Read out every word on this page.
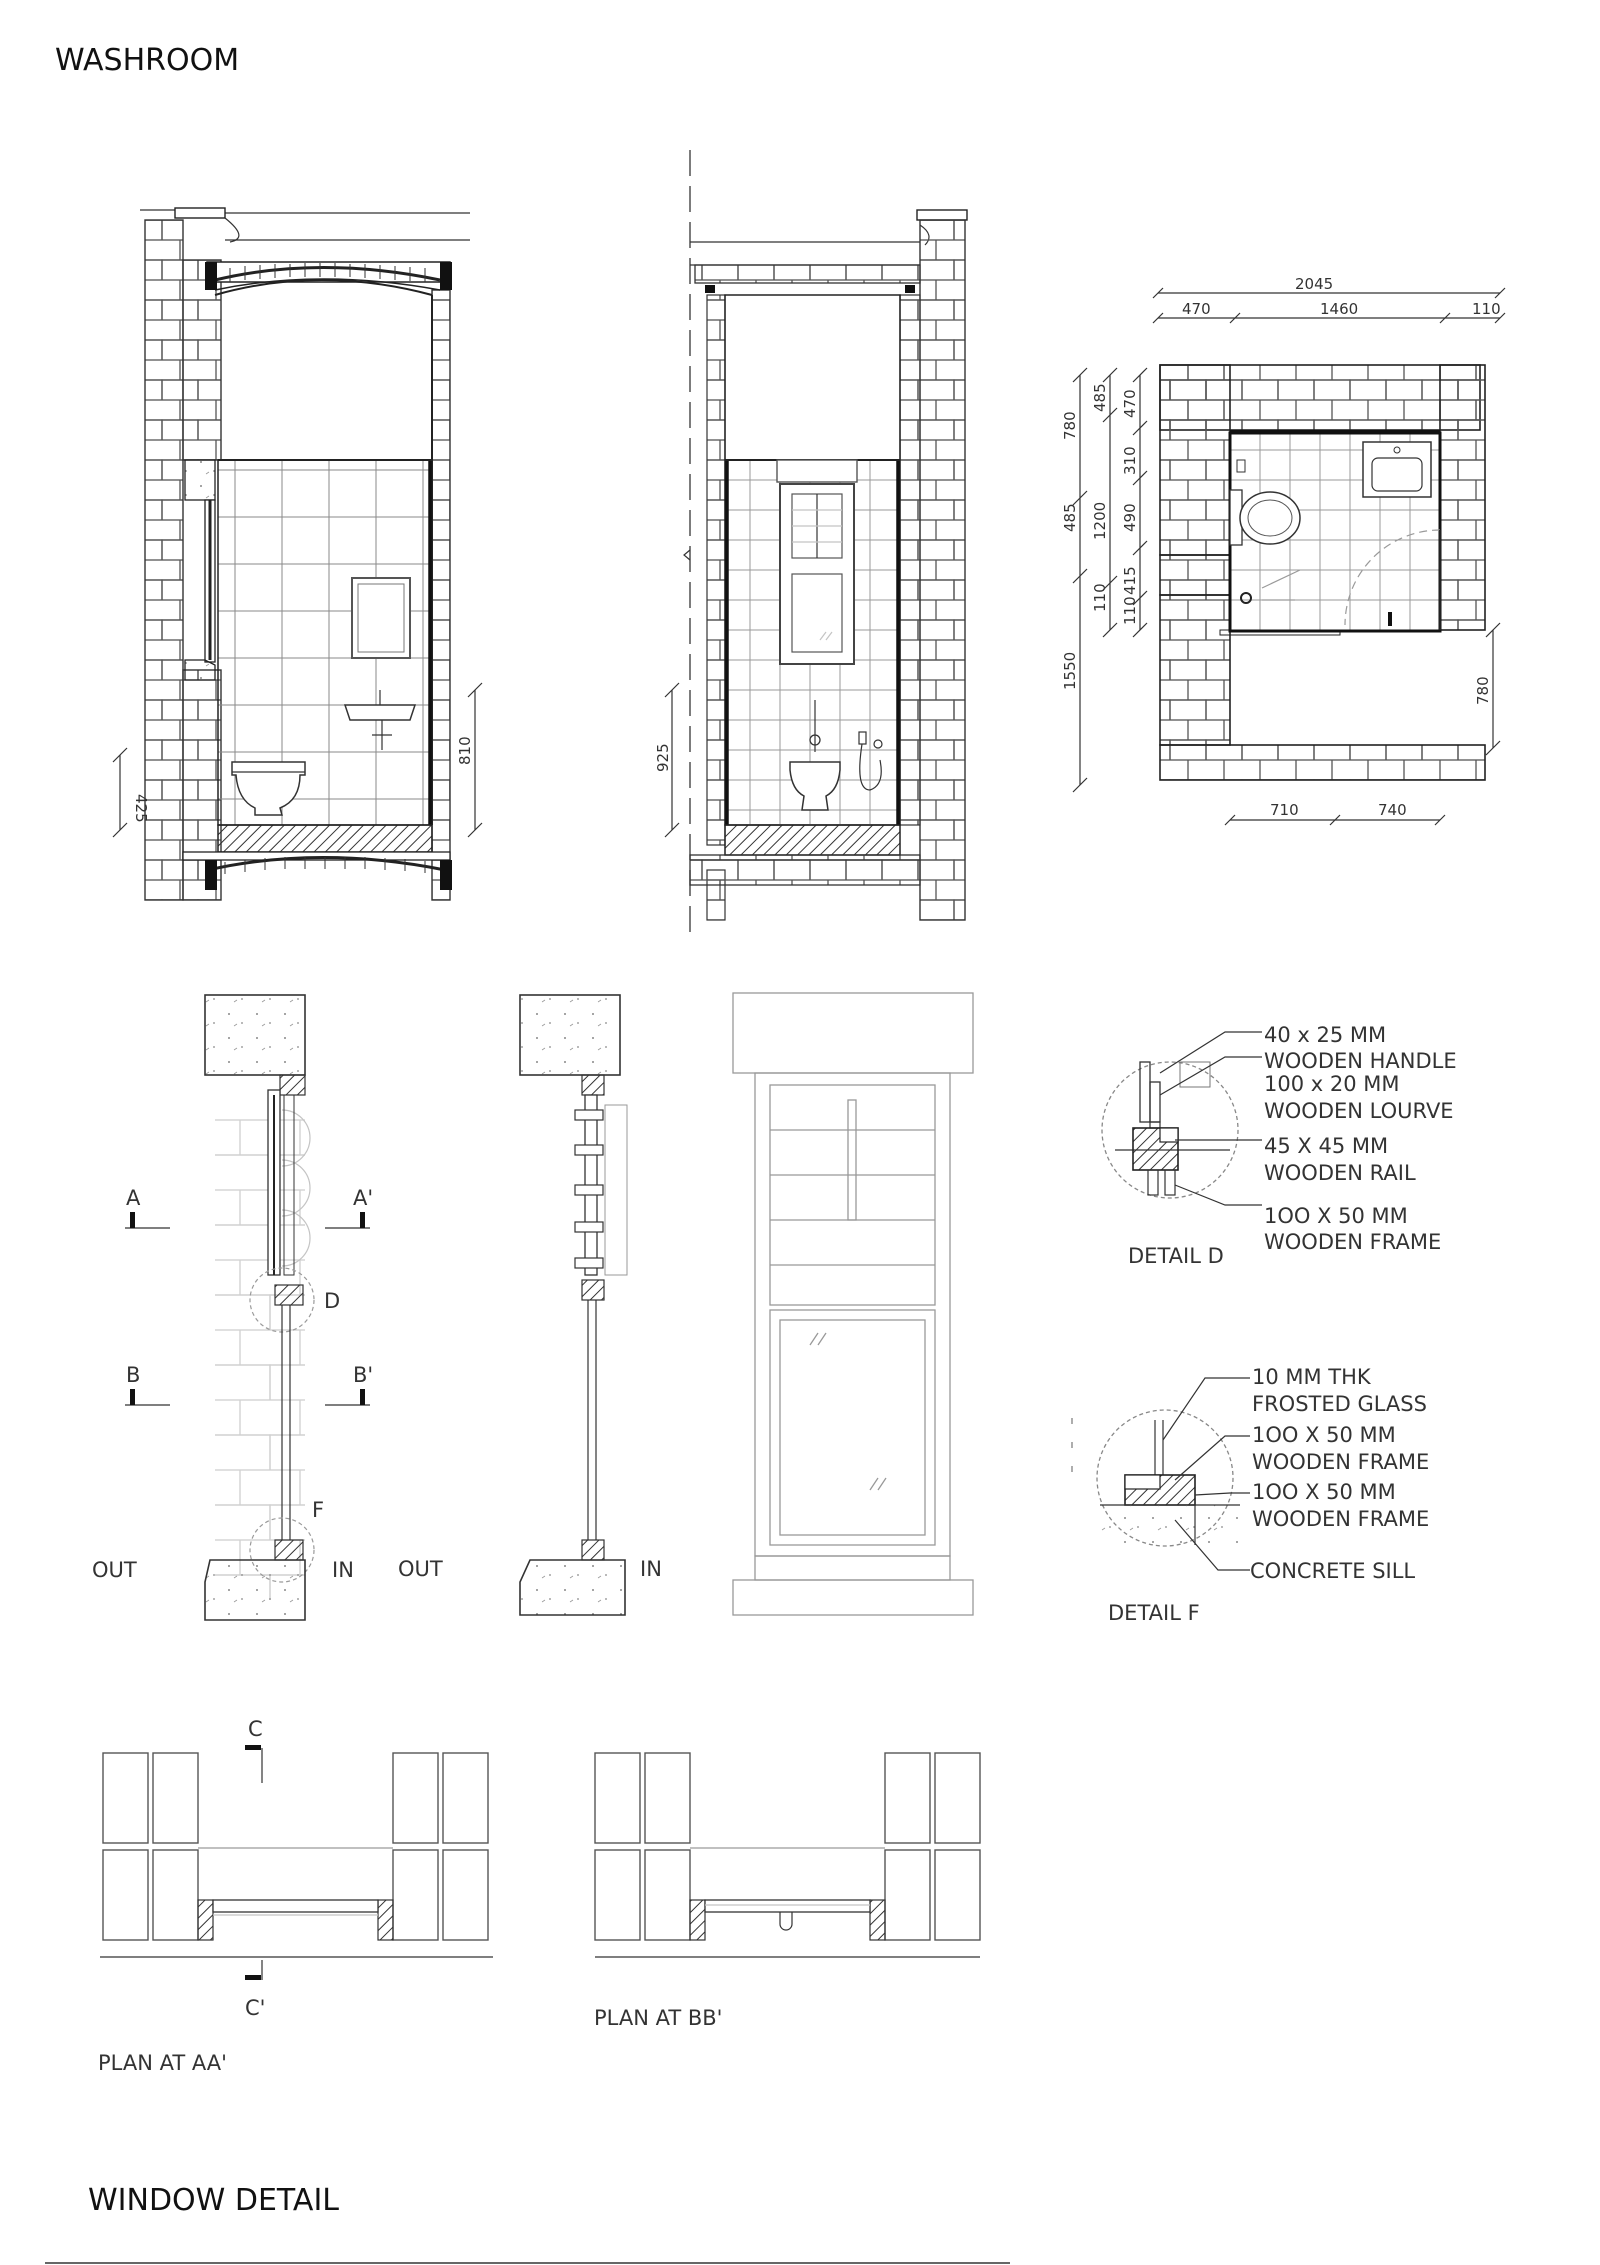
WASHROOM
425
810	925
2045
470	1460	110
780
485
1550
485
1200
110
470
310
490
415
110
780
710	740
A	A'
B	B'
D
F
OUT	IN OUT	IN
40 x 25 MM
WOODEN HANDLE
100 x 20 MM
WOODEN LOURVE
45 X 45 MM
WOODEN RAIL
1OO X 50 MM
WOODEN FRAME
DETAIL D
10 MM THK
FROSTED GLASS
1OO X 50 MM
WOODEN FRAME
1OO X 50 MM
WOODEN FRAME
CONCRETE SILL
DETAIL F
C
C'
PLAN AT AA'
PLAN AT BB'
WINDOW DETAIL
